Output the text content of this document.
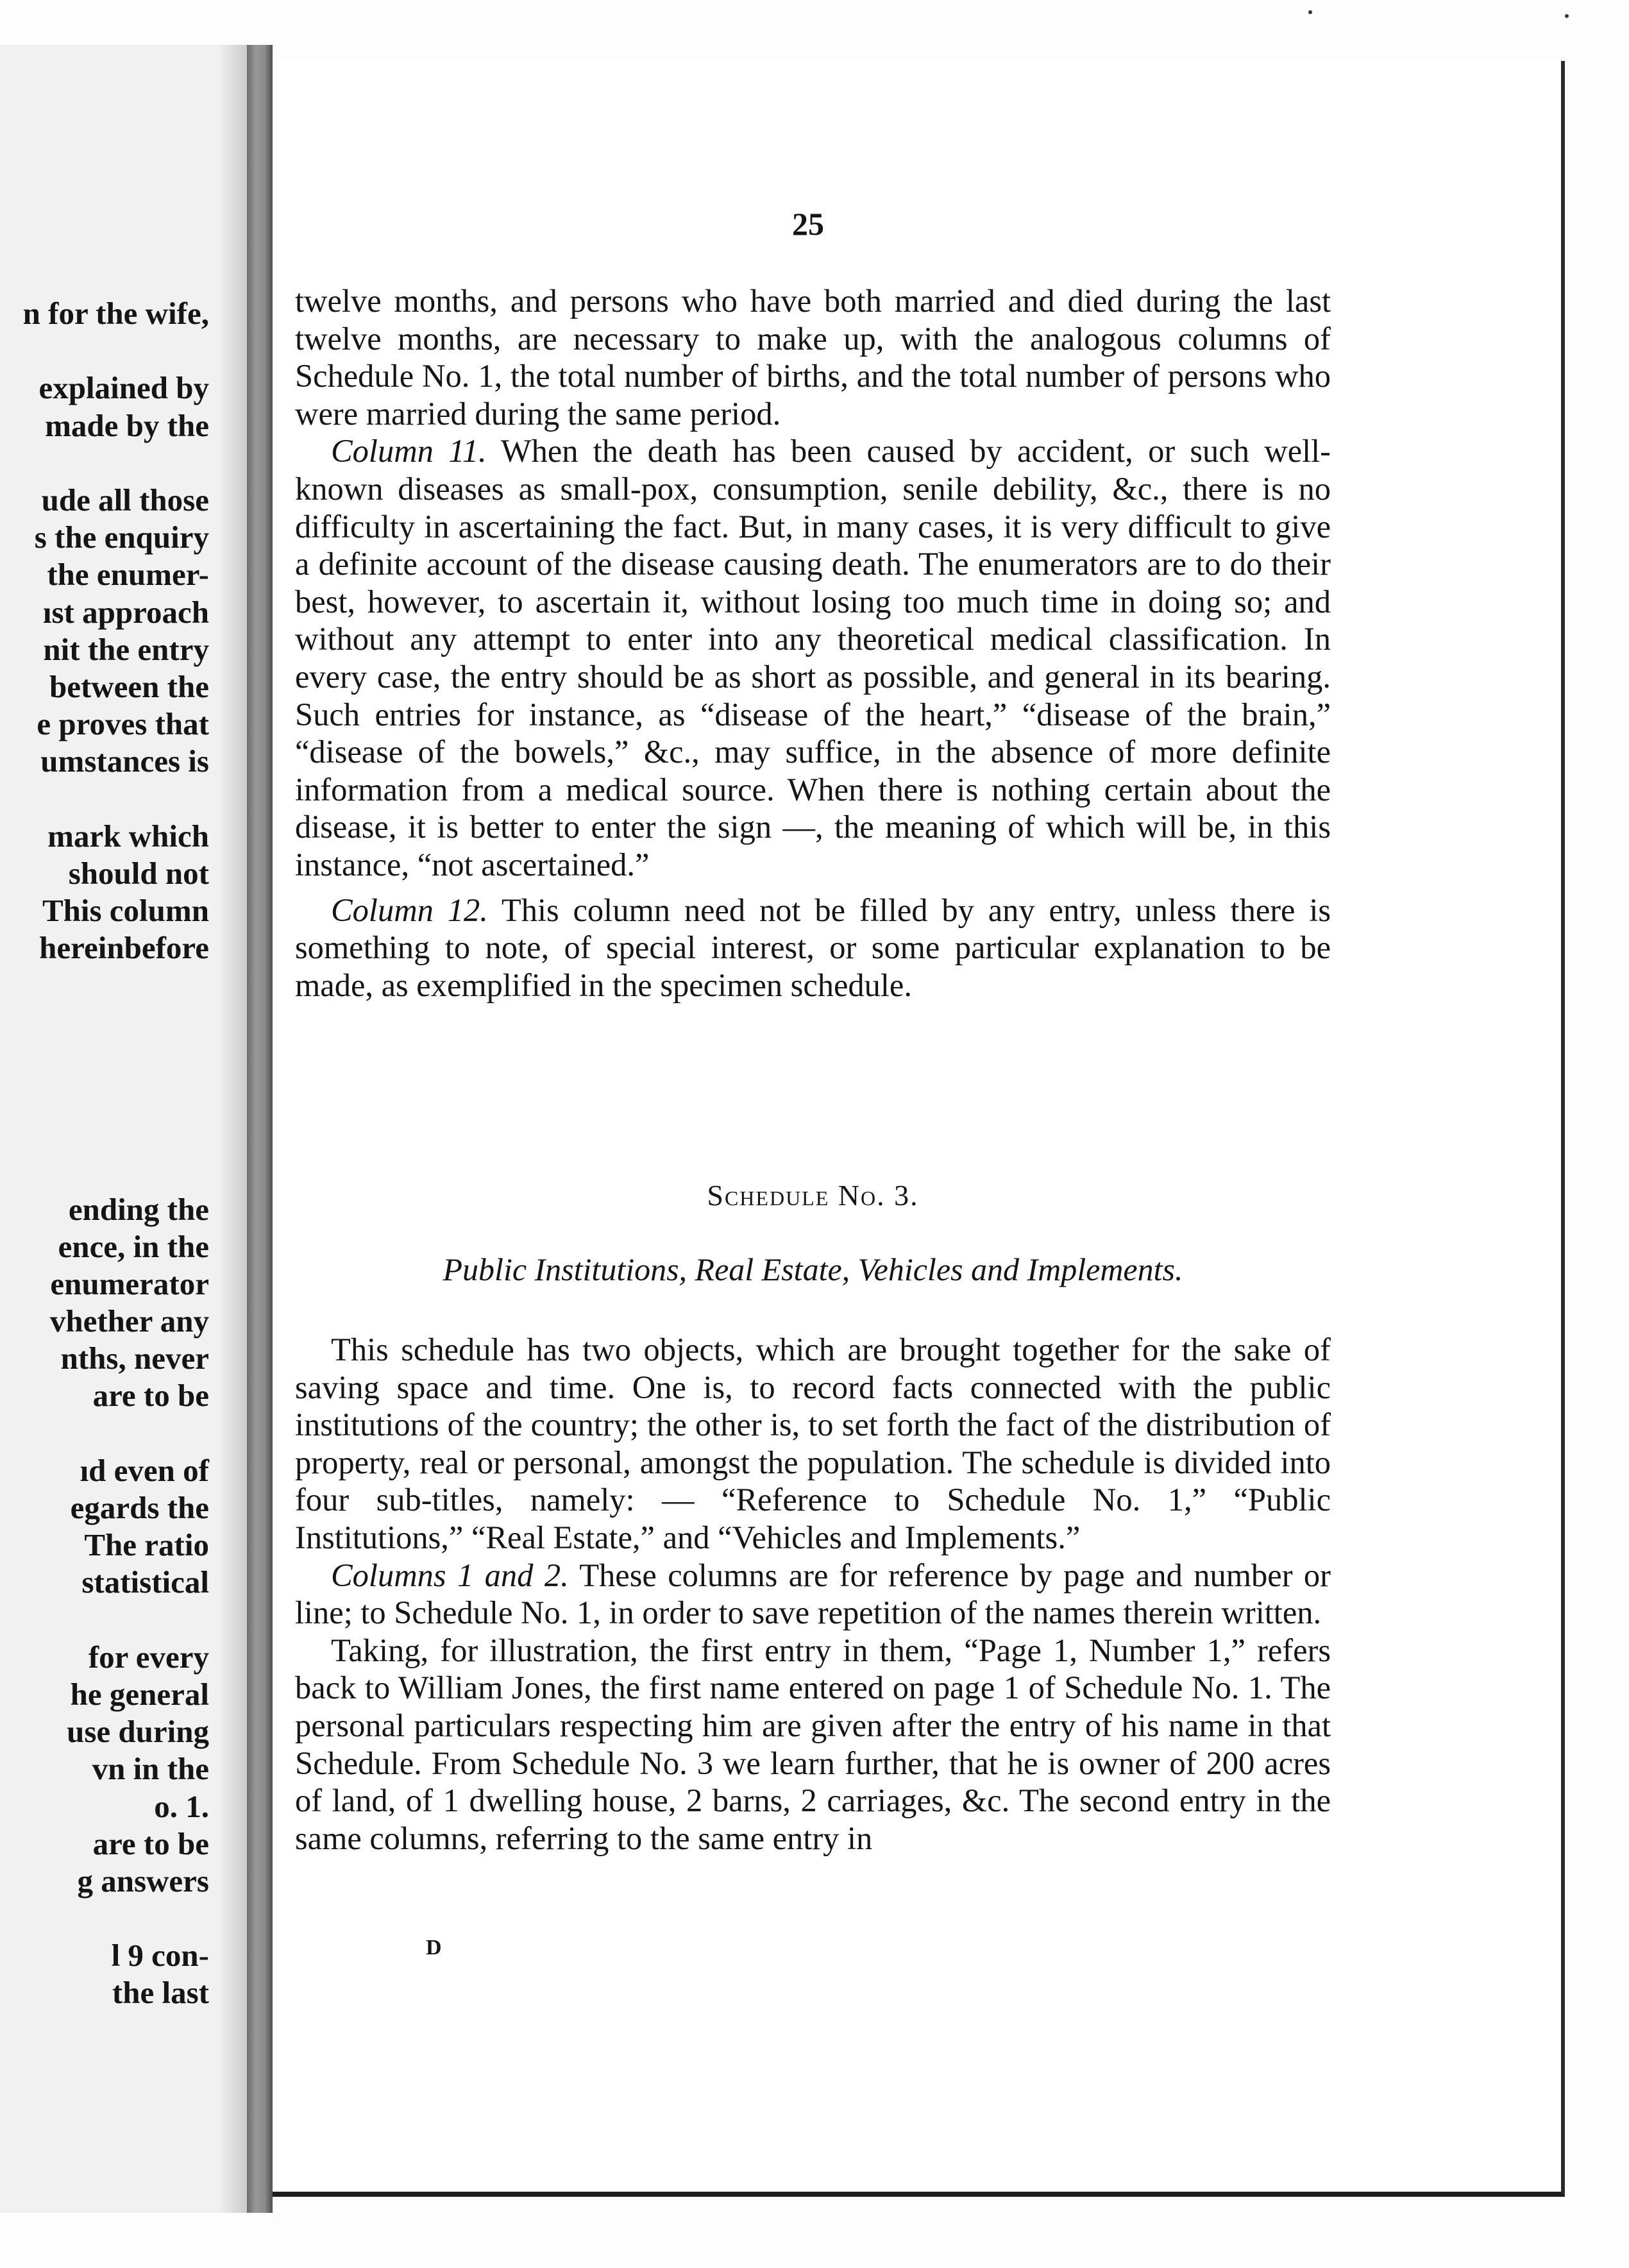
n for the wife,
explained by
made by the
ude all those
s the enquiry
the enumer-
ıst approach
nit the entry
between the
e proves that
umstances is
mark which
should not
This column
hereinbefore
ending the
ence, in the
enumerator
vhether any
nths, never
are to be
ıd even of
egards the
The ratio
statistical
for every
he general
use during
vn in the
o. 1.
are to be
g answers
l 9 con-
the last
25

twelve months, and persons who have both married and died during the last twelve months, are necessary to make up, with the analogous columns of Schedule No. 1, the total number of births, and the total number of persons who were married during the same period.

Column 11. When the death has been caused by accident, or such well-known diseases as small-pox, consumption, senile debility, &c., there is no difficulty in ascertaining the fact. But, in many cases, it is very difficult to give a definite account of the disease causing death. The enumerators are to do their best, however, to ascertain it, without losing too much time in doing so; and without any attempt to enter into any theoretical medical classification. In every case, the entry should be as short as possible, and general in its bearing. Such entries for instance, as “disease of the heart,” “disease of the brain,” “disease of the bowels,” &c., may suffice, in the absence of more definite information from a medical source. When there is nothing certain about the disease, it is better to enter the sign —, the meaning of which will be, in this instance, “not ascertained.”

Column 12. This column need not be filled by any entry, unless there is something to note, of special interest, or some particular explanation to be made, as exemplified in the specimen schedule.

Schedule No. 3.
Public Institutions, Real Estate, Vehicles and Implements.

This schedule has two objects, which are brought together for the sake of saving space and time. One is, to record facts connected with the public institutions of the country; the other is, to set forth the fact of the distribution of property, real or personal, amongst the population. The schedule is divided into four sub-titles, namely: — “Reference to Schedule No. 1,” “Public Institutions,” “Real Estate,” and “Vehicles and Implements.”

Columns 1 and 2. These columns are for reference by page and number or line; to Schedule No. 1, in order to save repetition of the names therein written.

Taking, for illustration, the first entry in them, “Page 1, Number 1,” refers back to William Jones, the first name entered on page 1 of Schedule No. 1. The personal particulars respecting him are given after the entry of his name in that Schedule. From Schedule No. 3 we learn further, that he is owner of 200 acres of land, of 1 dwelling house, 2 barns, 2 carriages, &c. The second entry in the same columns, referring to the same entry in

D
